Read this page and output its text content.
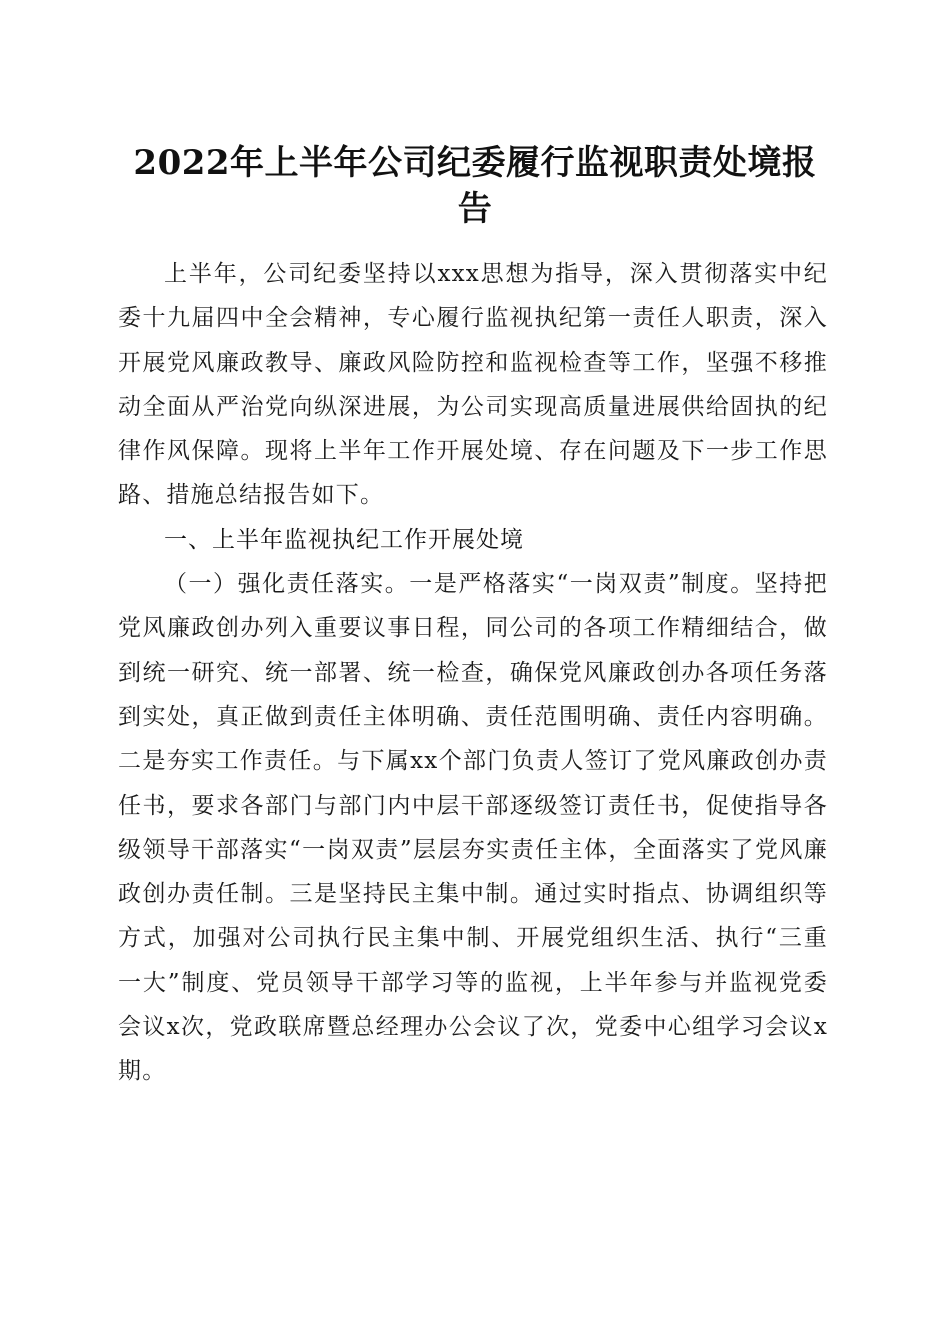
2022年上半年公司纪委履行监视职责处境报告

上半年，公司纪委坚持以xxx思想为指导，深入贯彻落实中纪委十九届四中全会精神，专心履行监视执纪第一责任人职责，深入开展党风廉政教导、廉政风险防控和监视检查等工作，坚强不移推动全面从严治党向纵深进展，为公司实现高质量进展供给固执的纪律作风保障。现将上半年工作开展处境、存在问题及下一步工作思路、措施总结报告如下。

一、上半年监视执纪工作开展处境

（一）强化责任落实。一是严格落实“一岗双责”制度。坚持把党风廉政创办列入重要议事日程，同公司的各项工作精细结合，做到统一研究、统一部署、统一检查，确保党风廉政创办各项任务落到实处，真正做到责任主体明确、责任范围明确、责任内容明确。二是夯实工作责任。与下属xx个部门负责人签订了党风廉政创办责任书，要求各部门与部门内中层干部逐级签订责任书，促使指导各级领导干部落实“一岗双责”层层夯实责任主体，全面落实了党风廉政创办责任制。三是坚持民主集中制。通过实时指点、协调组织等方式，加强对公司执行民主集中制、开展党组织生活、执行“三重一大”制度、党员领导干部学习等的监视，上半年参与并监视党委会议x次，党政联席暨总经理办公会议了次，党委中心组学习会议x期。
